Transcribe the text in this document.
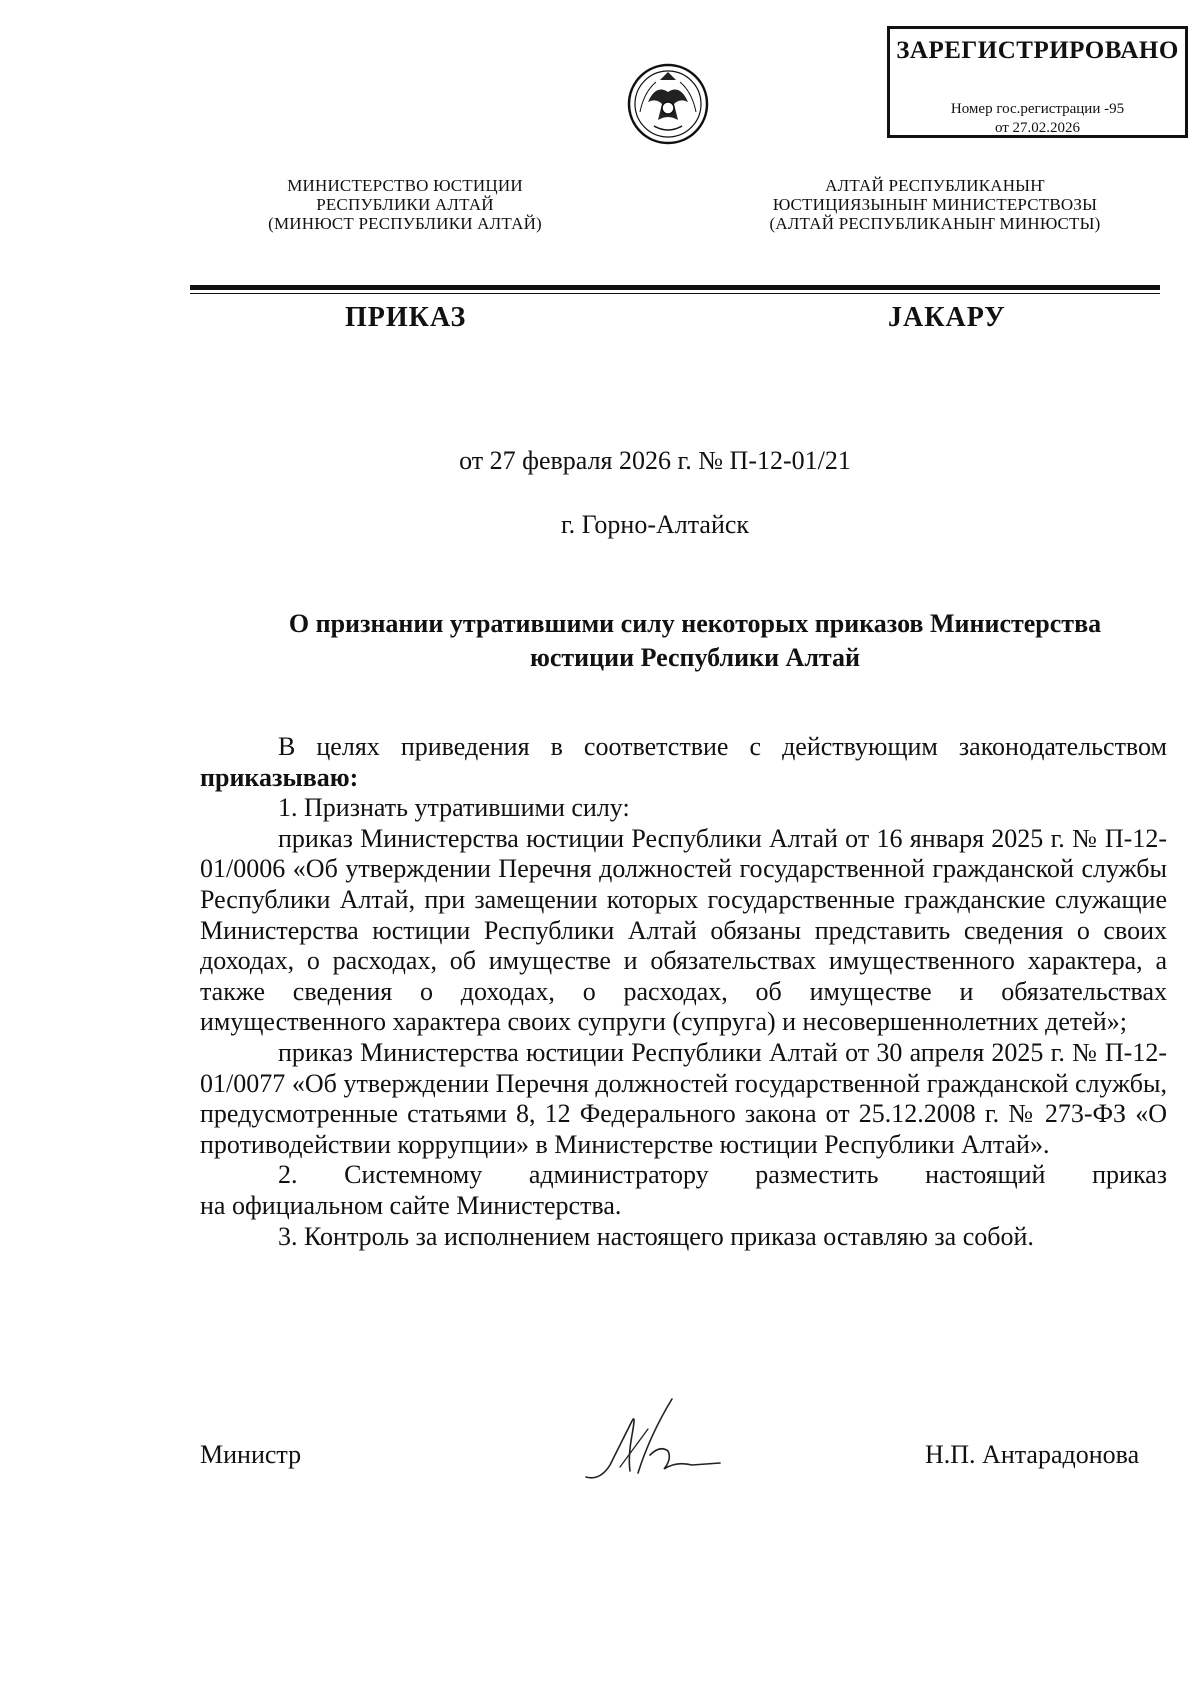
ЗАРЕГИСТРИРОВАНО
Номер гос.регистрации -95
от 27.02.2026
МИНИСТЕРСТВО ЮСТИЦИИ
РЕСПУБЛИКИ АЛТАЙ
(МИНЮСТ РЕСПУБЛИКИ АЛТАЙ)
АЛТАЙ РЕСПУБЛИКАНЫҤ
ЮСТИЦИЯЗЫНЫҤ МИНИСТЕРСТВОЗЫ
(АЛТАЙ РЕСПУБЛИКАНЫҤ МИНЮСТЫ)
ПРИКАЗ	ЈАКАРУ
от 27 февраля 2026 г. № П-12-01/21
г. Горно-Алтайск
О признании утратившими силу некоторых приказов Министерства
юстиции Республики Алтай

В целях приведения в соответствие с действующим законодательством

приказываю:

1. Признать утратившими силу:

приказ Министерства юстиции Республики Алтай от 16 января 2025 г. № П-12-01/0006 «Об утверждении Перечня должностей государственной гражданской службы Республики Алтай, при замещении которых государственные гражданские служащие Министерства юстиции Республики Алтай обязаны представить сведения о своих доходах, о расходах, об имуществе и обязательствах имущественного характера, а также сведения о доходах, о расходах, об имуществе и обязательствах имущественного характера своих супруги (супруга) и несовершеннолетних детей»;

приказ Министерства юстиции Республики Алтай от 30 апреля 2025 г. № П-12-01/0077 «Об утверждении Перечня должностей государственной гражданской службы, предусмотренные статьями 8, 12 Федерального закона от 25.12.2008 г. № 273-ФЗ «О противодействии коррупции» в Министерстве юстиции Республики Алтай».

2.     Системному     администратору     разместить     настоящий     приказ

на официальном сайте Министерства.

3. Контроль за исполнением настоящего приказа оставляю за собой.

Министр	Н.П. Антарадонова
